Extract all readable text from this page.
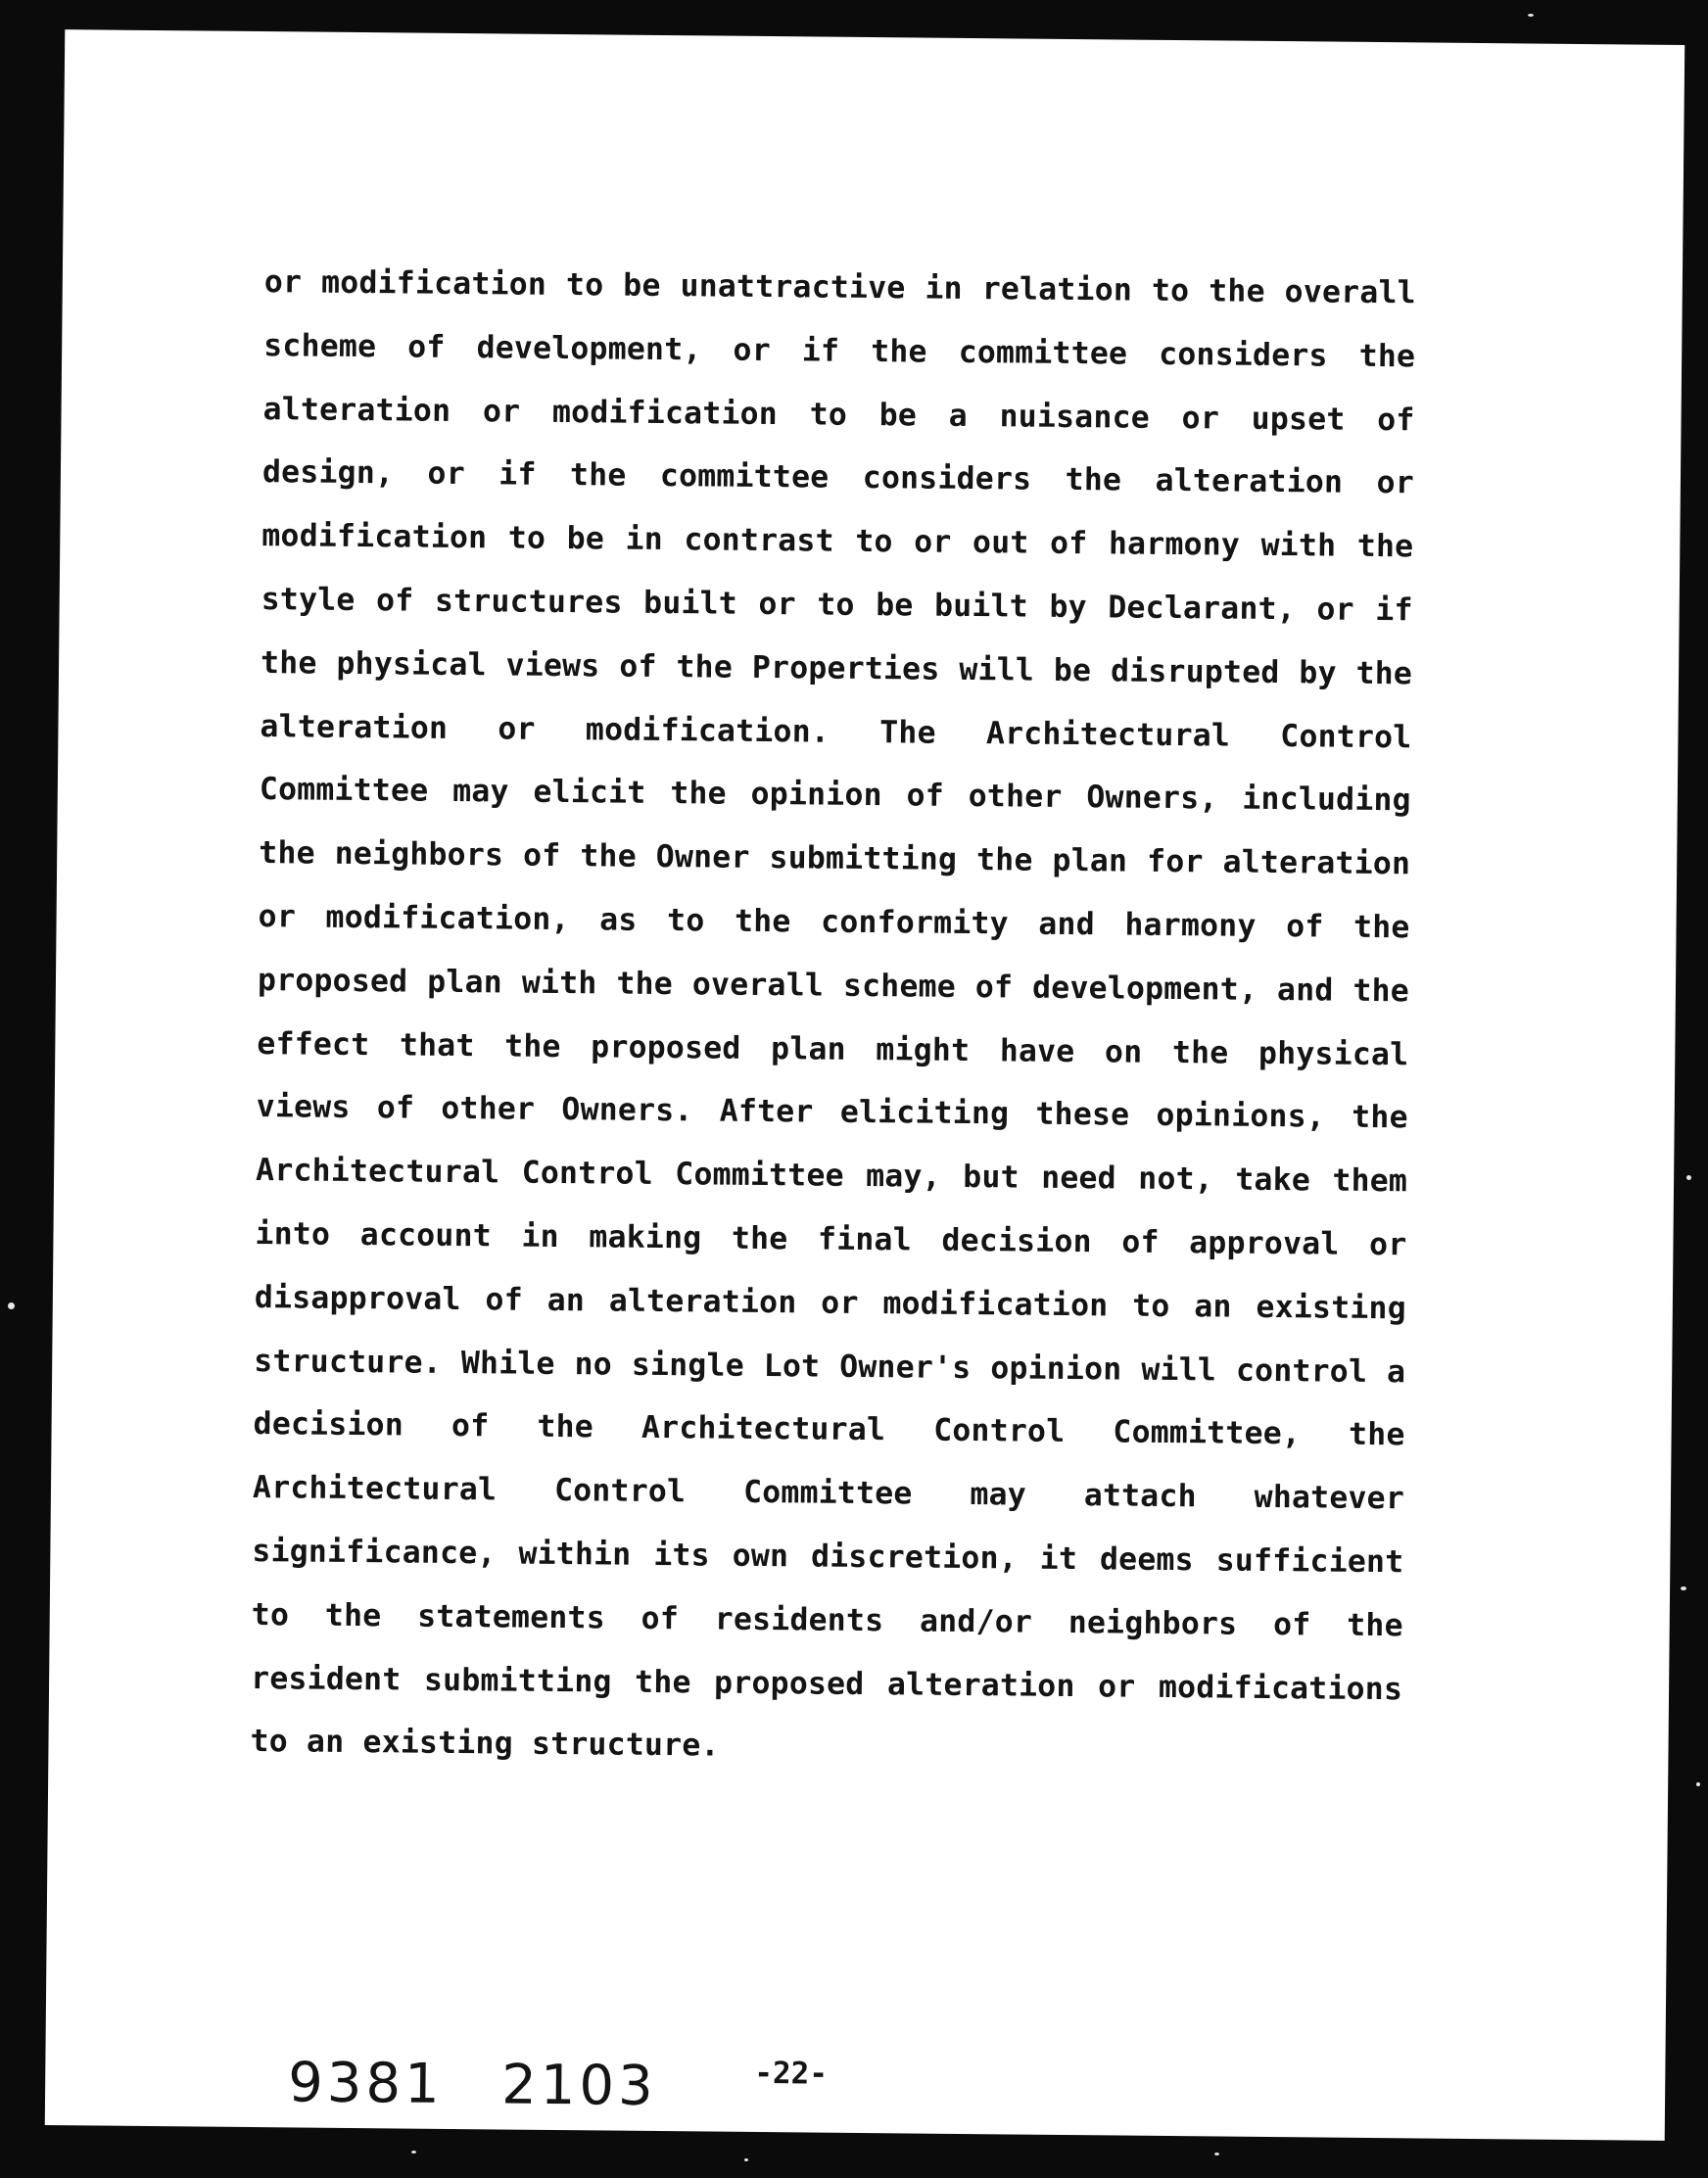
or modification to be unattractive in relation to the overall scheme of development, or if the committee considers the alteration or modification to be a nuisance or upset of design, or if the committee considers the alteration or modification to be in contrast to or out of harmony with the style of structures built or to be built by Declarant, or if the physical views of the Properties will be disrupted by the alteration or modification. The Architectural Control Committee may elicit the opinion of other Owners, including the neighbors of the Owner submitting the plan for alteration or modification, as to the conformity and harmony of the proposed plan with the overall scheme of development, and the effect that the proposed plan might have on the physical views of other Owners. After eliciting these opinions, the Architectural Control Committee may, but need not, take them into account in making the final decision of approval or disapproval of an alteration or modification to an existing structure. While no single Lot Owner's opinion will control a decision of the Architectural Control Committee, the Architectural Control Committee may attach whatever significance, within its own discretion, it deems sufficient to the statements of residents and/or neighbors of the resident submitting the proposed alteration or modifications to an existing structure.

9381 2103	-22-
